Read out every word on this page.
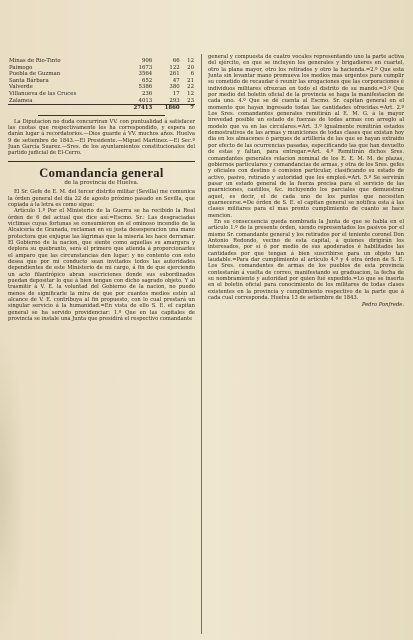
Minas de Rio-Tinto	906	66	12
Paimogo	1673	122	20
Puebla de Guzman	3564	261	6
Santa Bárbara	652	47	21
Valverde	5386	380	22
Villanueva de las Cruces	236	17	12
Zalamea	4013	293	23
	27413	1860	7

La Diputacion no duda concurriran VV. con puntualidad á satisfacer las cuotas que respectivamente les ha correspondido, y espera no darán lugar á recordatorios.—Dios guarde á VV. muchos años. Huelva 9 de setiembre de 1843.—El Presidente.—Miguel Martinez.—El Sec.º Juan García Suarez.—Sres. de los ayuntamientos constitucionales del partido judicial de El-Cerro.

Comandancia general
de la provincia de Huelva.

El Sr. Gefe de E. M. del tercer distrito militar (Sevilla) me comunica la órden general del dia 22 de agosto próximo pasado en Sevilla, que copiada á la letra es como sigue:

Artículo 1.º Por el Ministerio de la Guerra se ha recibido la Real órden de 6 del actual que dice así:=Escmo. Sr.: Las desgraciadas víctimas cuyas fortunas se consumieron en el ominoso incendio de la Alcaicería de Granada, reclaman en su justa desesperacion una mano protectora que enjugue las lágrimas que la miseria les hace derramar. El Gobierno de la nacion, que siente como aquellas su amargura y deplora su quebranto, será el primero que atienda á proporcionarles el amparo que las circunstancias den lugar; y no contento con esto desea que por mi conducto sean invitados todos las autoridades dependientes de este Ministerio de mi cargo, á fin de que ejerciendo un acto filantrópico abran suscriciones donde sus subordinados puedan depositar lo que á bien tengan con dicho sagrado objeto. Y al trasmitir á V. E. la voluntad del Gobierno de la nacion, no puedo menos de significarle la mira de que por cuantos medios estén al alcance de V. E. contribuya al fin propuesto, con lo cual prestará un singular servicio á la humanidad.=En vista de ello S. E. el capitan general se ha servido providenciar: 1.º Que en las capitales de provincia se instale una Junta que presidirá el respectivo comandante

general y compuesta de cuatro vocales representando uno la parte activa del ejército, en que se incluyen los generales y brigadieres en cuartel, otro la plana mayor, otro los retirados y otro la hacienda.=2.º Que esta Junta sin levantar mano promueva los medios mas urgentes para cumplir su cometido de recaudar ó reunir las erogaciones que las corporaciones é individuos militares ofrezcan en todo el distrito de su mando.=3.º Que por medio del boletin oficial de la provincia se haga la manifestacion de cada uno. 4.º Que se dé cuenta al Escmo. Sr. capitan general en el momento que hayan ingresado todas las cantidades ofrecidas.=Art. 2.º Los Sres. comandantes generales remitirán al E. M. G. á la mayor brevedad posible un estado de fuerzas de todas armas con arreglo al modelo que va en las circulares.=Art. 3.º Igualmente remitirán estados demostrativos de las armas y municiones de todas clases que existan hoy dia en los almacenes ó parques de artillería de las que se hayan extraido por efecto de las ocurrencias pasadas, especificando las que han devuelto de estas y faltan, para entregar.=Art. 4.º Remitirán dichos Sres. comandantes generales relacion nominal de los E. E. M. M. de plazas, gobiernos particulares y comandancias de armas, y otra de los Sres. gefes y oficiales con destino ó comision particular, clasificando su estado de activo, pasivo, retirado y autoridad que les empleó.=Art. 5.º Se servirán pasar un estado general de la fuerza precisa para el servicio de las guarniciones, castillos, &c. incluyendo los parciales que demuestran aquel, es decir, el de cada uno de los puntos que necesiten guarnecerse.=De órden de S. E. el capitan general se notifica esta á las clases militares para el mas pronto cumplimiento de cuanto se hace mencion.

En su consecuencia queda nombrada la Junta de que se habla en el artículo 1.º de la presente órden, siendo representados los pasivos por el mismo Sr. comandante general y los retirados por el teniente coronel Don Antonio Redondo, vecino de esta capital, á quienes dirigirán los interesados, por sí ó por medio de sus apoderados é habilitados las cantidades por que tengan á bien suscribirse para un objeto tan laudable.=Para dar cumplimiento al artículo 4.º y 4 otra órden de S. E. Los Sres. comandantes de armas de los pueblos de esta provincia contestarán á vuelta de correo, manifestando su graduacion, la fecha de su nombramiento y autoridad por quien fué expedido.=Lo que se inserta en el boletin oficial para conocimiento de los militares de todas clases existentes en la provincia y cumplimiento respectivo de la parte que á cada cual corresponda. Huelva 13 de setiembre de 1843.

Pedro Ponfrede.
